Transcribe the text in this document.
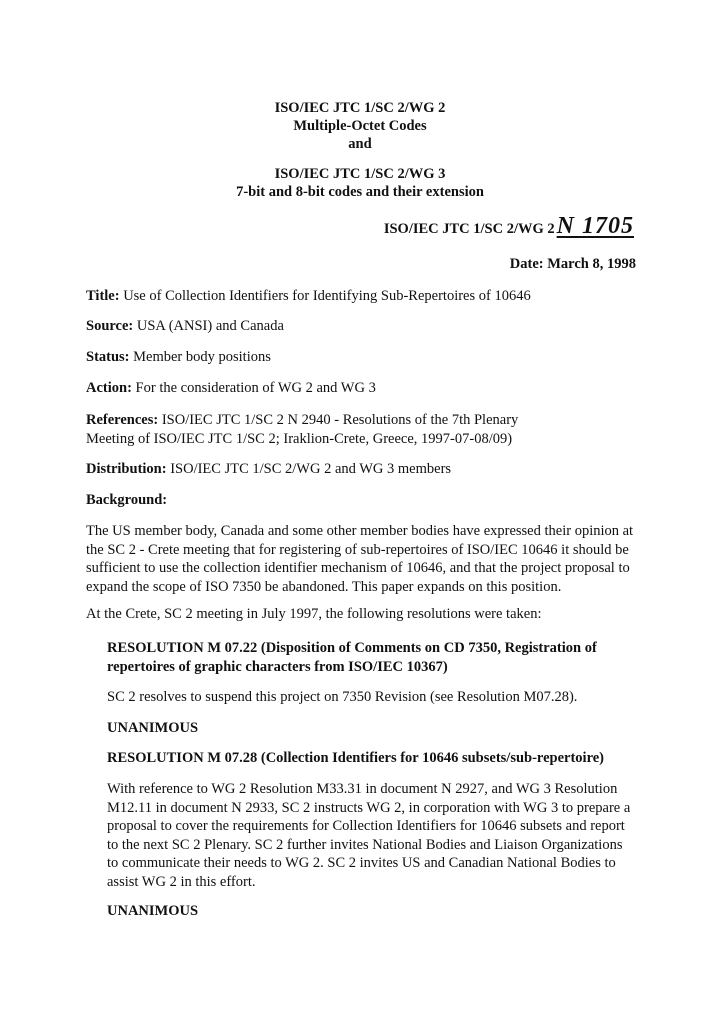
ISO/IEC JTC 1/SC 2/WG 2
Multiple-Octet Codes
and
ISO/IEC JTC 1/SC 2/WG 3
7-bit and 8-bit codes and their extension
ISO/IEC JTC 1/SC 2/WG 2 N 1705
Date: March 8, 1998
Title: Use of Collection Identifiers for Identifying Sub-Repertoires of 10646
Source: USA (ANSI) and Canada
Status: Member body positions
Action: For the consideration of WG 2 and WG 3
References: ISO/IEC JTC 1/SC 2 N 2940 - Resolutions of the 7th Plenary Meeting of ISO/IEC JTC 1/SC 2; Iraklion-Crete, Greece, 1997-07-08/09)
Distribution: ISO/IEC JTC 1/SC 2/WG 2 and WG 3 members
Background:

The US member body, Canada and some other member bodies have expressed their opinion at the SC 2 - Crete meeting that for registering of sub-repertoires of ISO/IEC 10646 it should be sufficient to use the collection identifier mechanism of 10646, and that the project proposal to expand the scope of ISO 7350 be abandoned. This paper expands on this position.

At the Crete, SC 2 meeting in July 1997, the following resolutions were taken:

RESOLUTION M 07.22 (Disposition of Comments on CD 7350, Registration of repertoires of graphic characters from ISO/IEC 10367)

SC 2 resolves to suspend this project on 7350 Revision (see Resolution M07.28).

UNANIMOUS

RESOLUTION M 07.28 (Collection Identifiers for 10646 subsets/sub-repertoire)

With reference to WG 2 Resolution M33.31 in document N 2927, and WG 3 Resolution M12.11 in document N 2933, SC 2 instructs WG 2, in corporation with WG 3 to prepare a proposal to cover the requirements for Collection Identifiers for 10646 subsets and report to the next SC 2 Plenary. SC 2 further invites National Bodies and Liaison Organizations to communicate their needs to WG 2. SC 2 invites US and Canadian National Bodies to assist WG 2 in this effort.

UNANIMOUS
